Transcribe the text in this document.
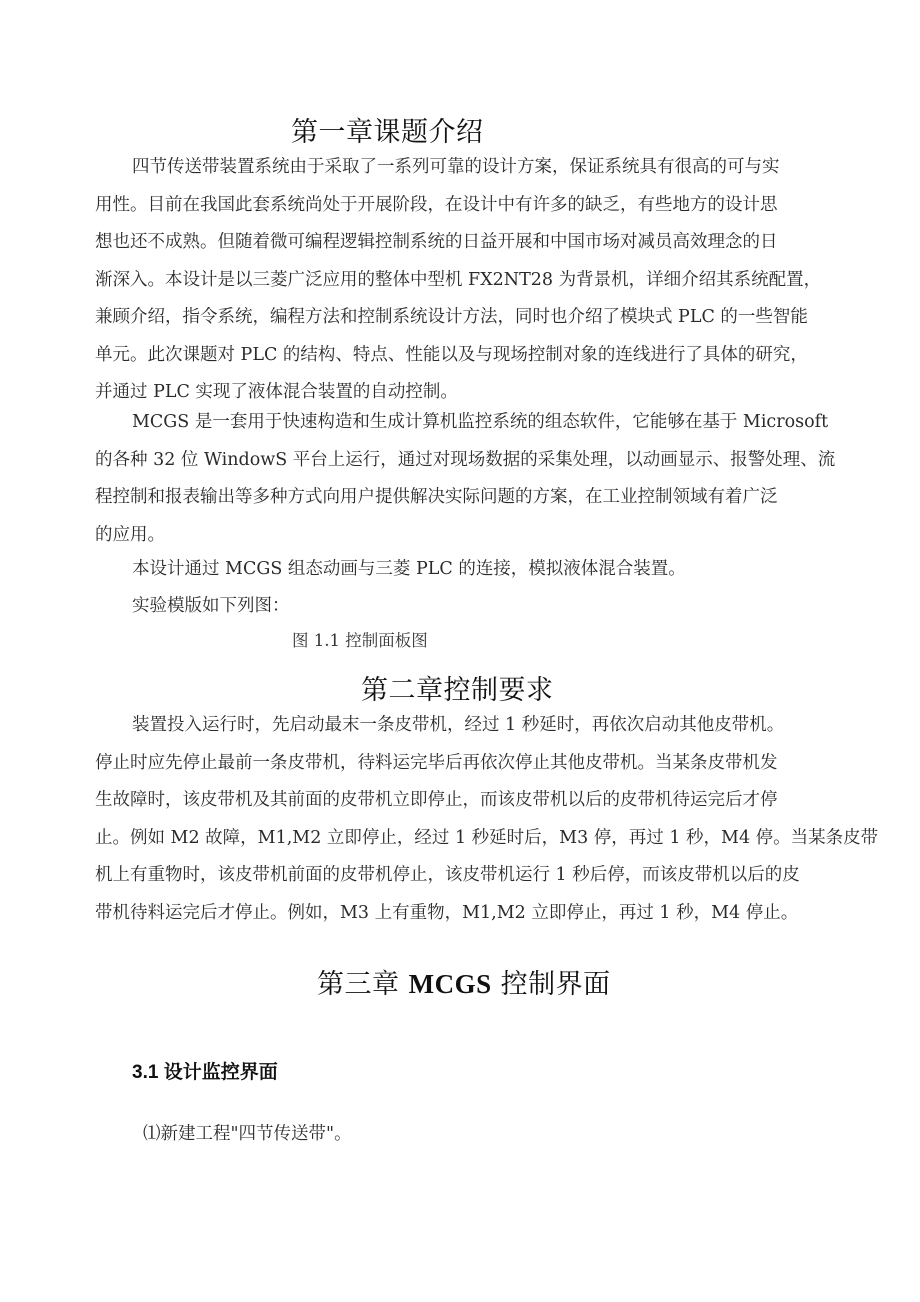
第一章课题介绍
四节传送带装置系统由于采取了一系列可靠的设计方案，保证系统具有很高的可与实
用性。目前在我国此套系统尚处于开展阶段，在设计中有许多的缺乏，有些地方的设计思
想也还不成熟。但随着微可编程逻辑控制系统的日益开展和中国市场对减员高效理念的日
渐深入。本设计是以三菱广泛应用的整体中型机 FX2NT28 为背景机，详细介绍其系统配置，
兼顾介绍，指令系统，编程方法和控制系统设计方法，同时也介绍了模块式 PLC 的一些智能
单元。此次课题对 PLC 的结构、特点、性能以及与现场控制对象的连线进行了具体的研究，
并通过 PLC 实现了液体混合装置的自动控制。
MCGS 是一套用于快速构造和生成计算机监控系统的组态软件，它能够在基于 Microsoft
的各种 32 位 WindowS 平台上运行，通过对现场数据的采集处理，以动画显示、报警处理、流
程控制和报表输出等多种方式向用户提供解决实际问题的方案，在工业控制领域有着广泛
的应用。
本设计通过 MCGS 组态动画与三菱 PLC 的连接，模拟液体混合装置。
实验模版如下列图：
图 1.1 控制面板图
第二章控制要求
装置投入运行时，先启动最末一条皮带机，经过 1 秒延时，再依次启动其他皮带机。
停止时应先停止最前一条皮带机，待料运完毕后再依次停止其他皮带机。当某条皮带机发
生故障时，该皮带机及其前面的皮带机立即停止，而该皮带机以后的皮带机待运完后才停
止。例如 M2 故障，M1,M2 立即停止，经过 1 秒延时后，M3 停，再过 1 秒，M4 停。当某条皮带
机上有重物时，该皮带机前面的皮带机停止，该皮带机运行 1 秒后停，而该皮带机以后的皮
带机待料运完后才停止。例如，M3 上有重物，M1,M2 立即停止，再过 1 秒，M4 停止。
第三章 MCGS 控制界面
3.1 设计监控界面
⑴新建工程"四节传送带"。
